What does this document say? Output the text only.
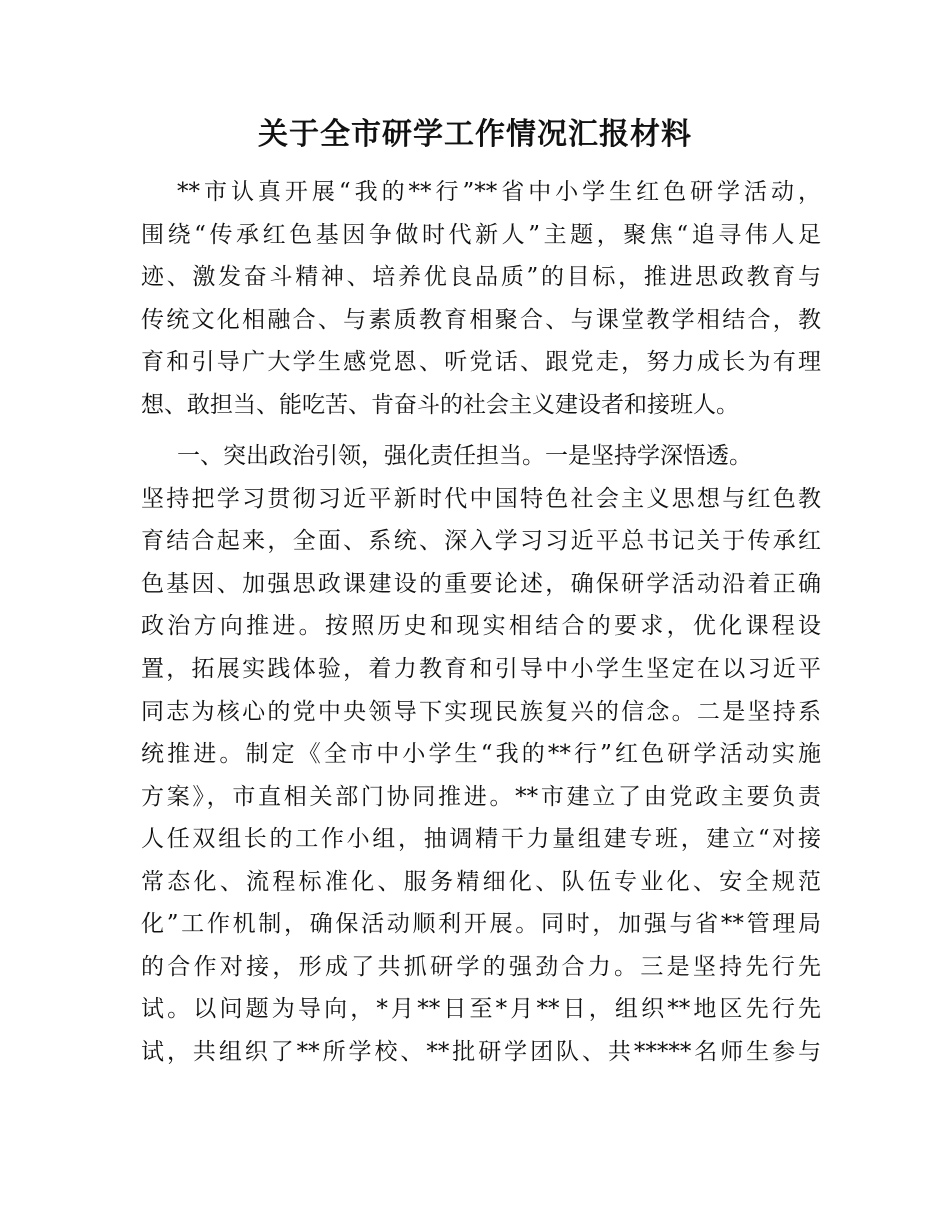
关于全市研学工作情况汇报材料
**市认真开展“我的**行”**省中小学生红色研学活动，
围绕“传承红色基因争做时代新人”主题，聚焦“追寻伟人足
迹、激发奋斗精神、培养优良品质”的目标，推进思政教育与
传统文化相融合、与素质教育相聚合、与课堂教学相结合，教
育和引导广大学生感党恩、听党话、跟党走，努力成长为有理
想、敢担当、能吃苦、肯奋斗的社会主义建设者和接班人。
一、突出政治引领，强化责任担当。一是坚持学深悟透。
坚持把学习贯彻习近平新时代中国特色社会主义思想与红色教
育结合起来，全面、系统、深入学习习近平总书记关于传承红
色基因、加强思政课建设的重要论述，确保研学活动沿着正确
政治方向推进。按照历史和现实相结合的要求，优化课程设
置，拓展实践体验，着力教育和引导中小学生坚定在以习近平
同志为核心的党中央领导下实现民族复兴的信念。二是坚持系
统推进。制定《全市中小学生“我的**行”红色研学活动实施
方案》，市直相关部门协同推进。**市建立了由党政主要负责
人任双组长的工作小组，抽调精干力量组建专班，建立“对接
常态化、流程标准化、服务精细化、队伍专业化、安全规范
化”工作机制，确保活动顺利开展。同时，加强与省**管理局
的合作对接，形成了共抓研学的强劲合力。三是坚持先行先
试。以问题为导向，*月**日至*月**日，组织**地区先行先
试，共组织了**所学校、**批研学团队、共*****名师生参与
